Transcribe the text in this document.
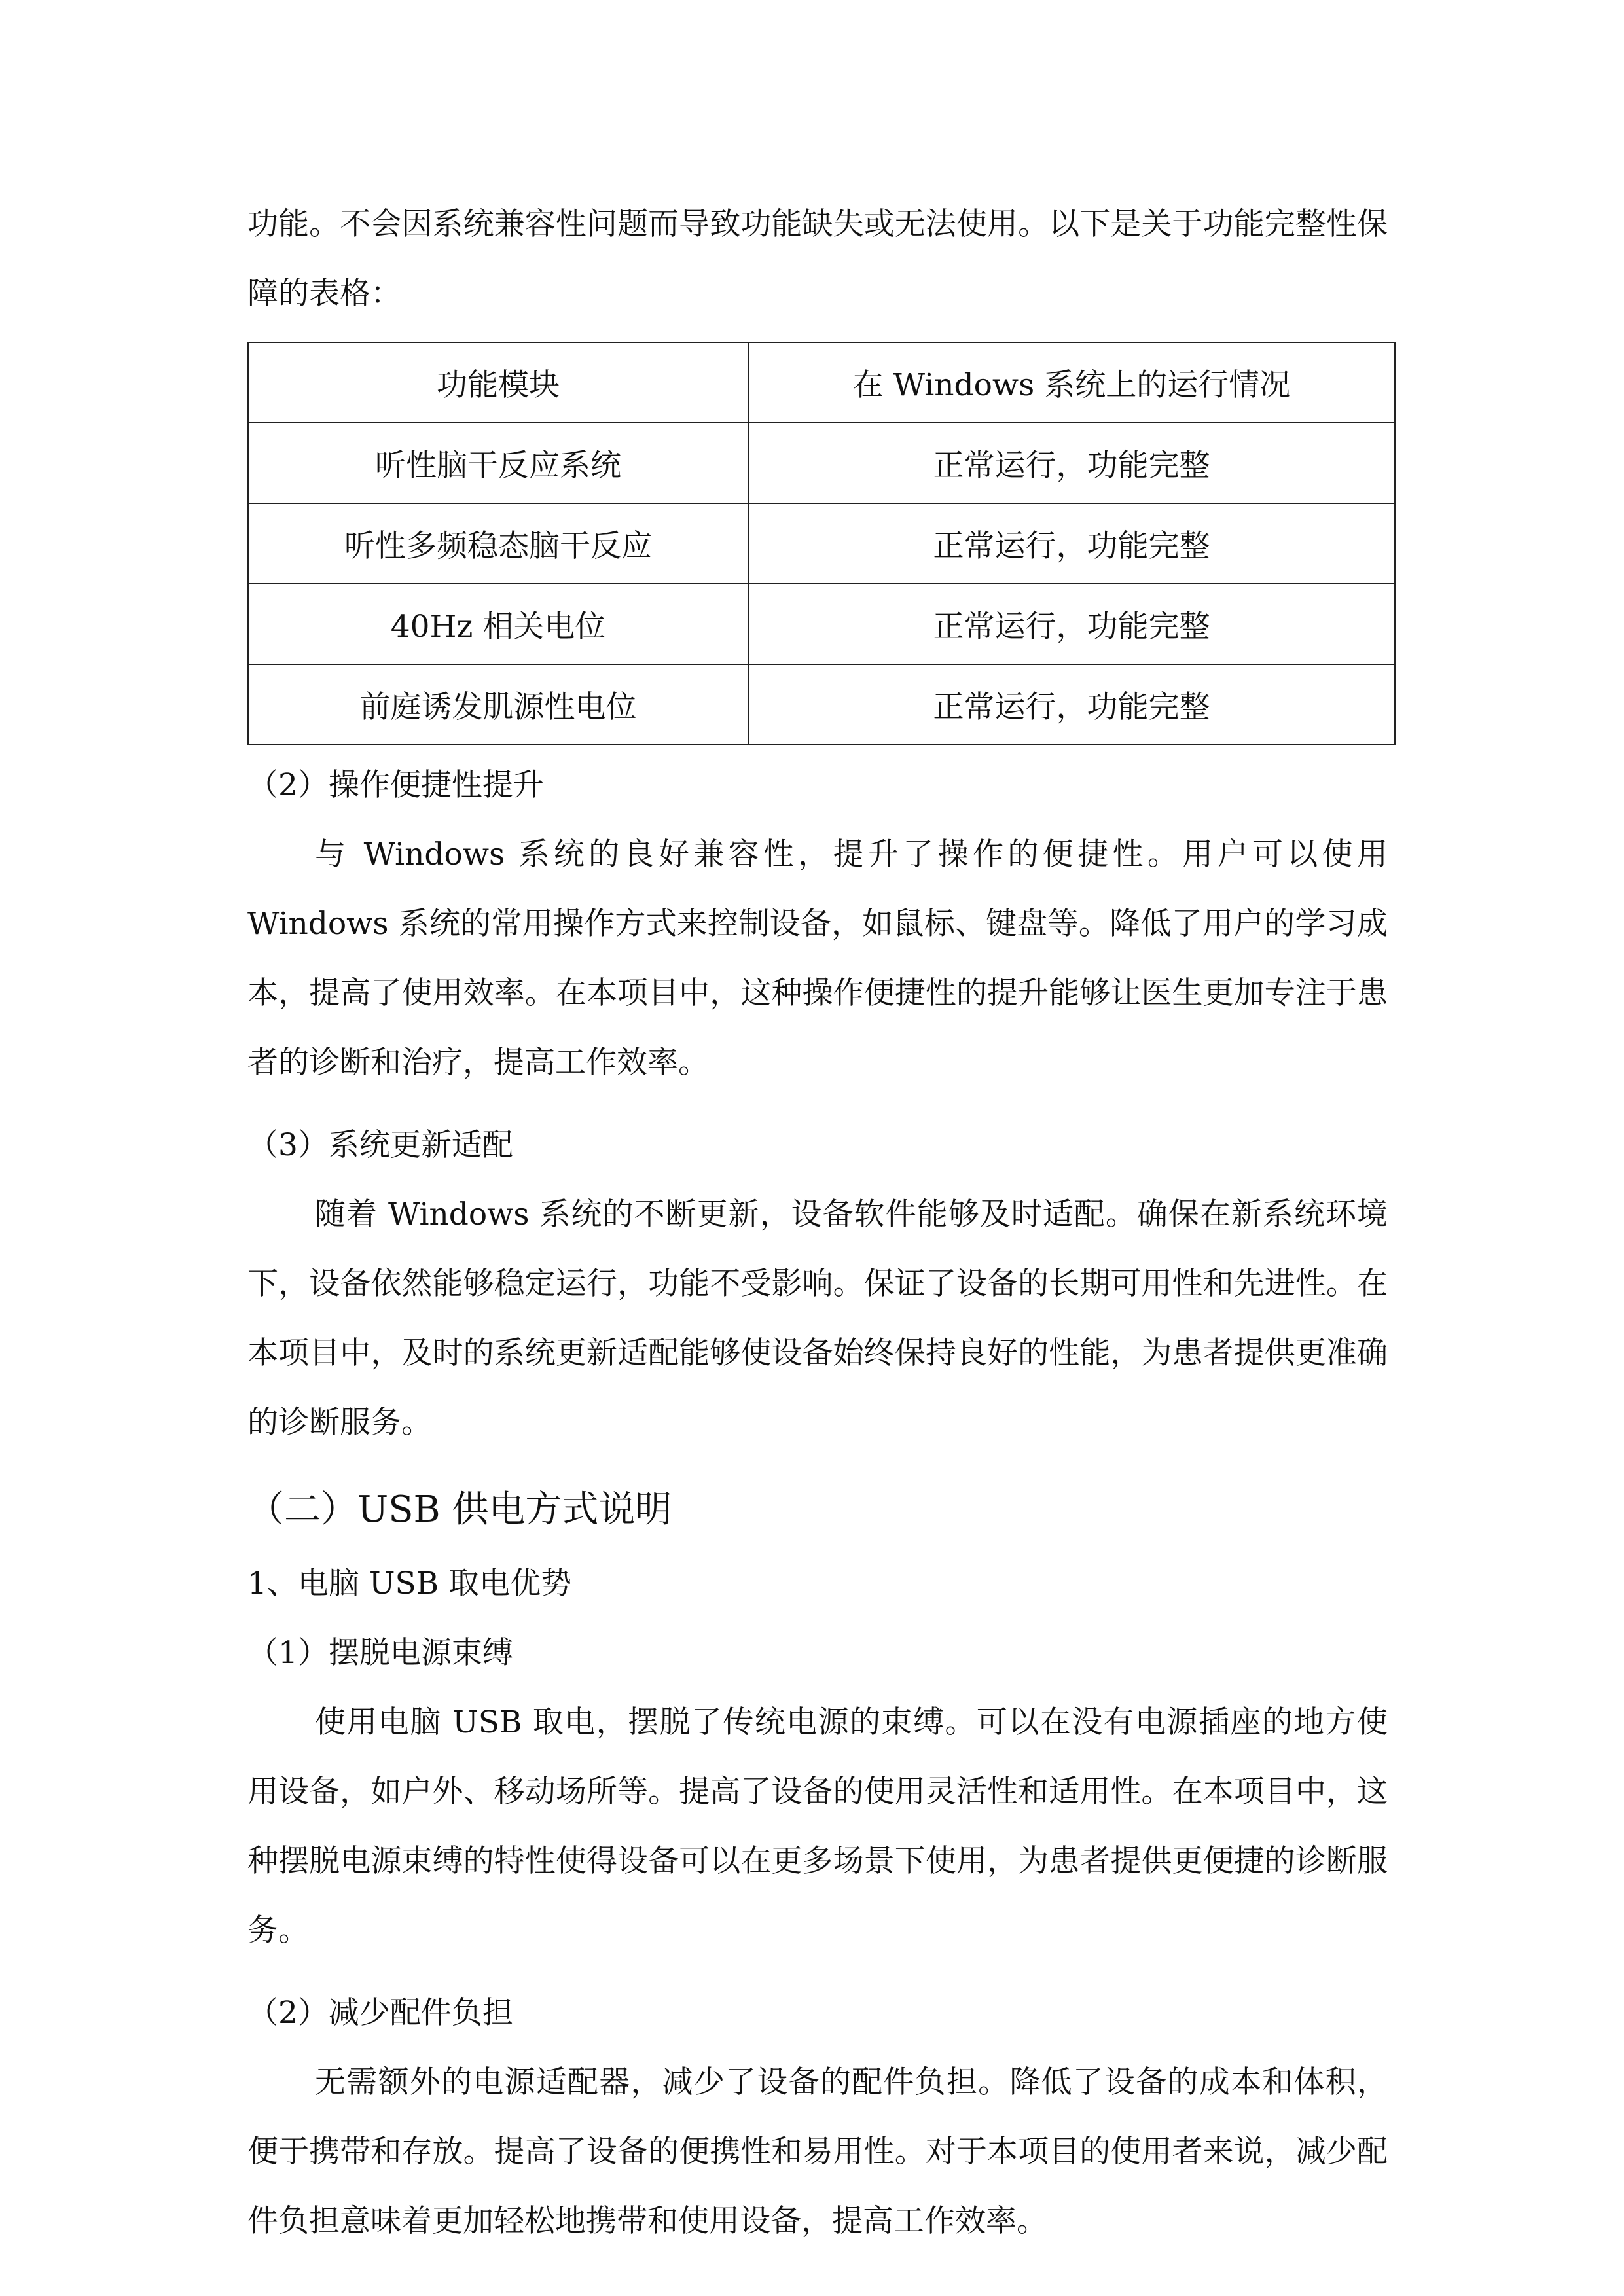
功能。不会因系统兼容性问题而导致功能缺失或无法使用。以下是关于功能完整性保障的表格：

功能模块	在 Windows 系统上的运行情况
听性脑干反应系统	正常运行，功能完整
听性多频稳态脑干反应	正常运行，功能完整
40Hz 相关电位	正常运行，功能完整
前庭诱发肌源性电位	正常运行，功能完整

（2）操作便捷性提升

与 Windows 系统的良好兼容性，提升了操作的便捷性。用户可以使用 Windows 系统的常用操作方式来控制设备，如鼠标、键盘等。降低了用户的学习成本，提高了使用效率。在本项目中，这种操作便捷性的提升能够让医生更加专注于患者的诊断和治疗，提高工作效率。

（3）系统更新适配

随着 Windows 系统的不断更新，设备软件能够及时适配。确保在新系统环境下，设备依然能够稳定运行，功能不受影响。保证了设备的长期可用性和先进性。在本项目中，及时的系统更新适配能够使设备始终保持良好的性能，为患者提供更准确的诊断服务。

（二）USB 供电方式说明

1、电脑 USB 取电优势

（1）摆脱电源束缚

使用电脑 USB 取电，摆脱了传统电源的束缚。可以在没有电源插座的地方使用设备，如户外、移动场所等。提高了设备的使用灵活性和适用性。在本项目中，这种摆脱电源束缚的特性使得设备可以在更多场景下使用，为患者提供更便捷的诊断服务。

（2）减少配件负担

无需额外的电源适配器，减少了设备的配件负担。降低了设备的成本和体积，便于携带和存放。提高了设备的便携性和易用性。对于本项目的使用者来说，减少配件负担意味着更加轻松地携带和使用设备，提高工作效率。
